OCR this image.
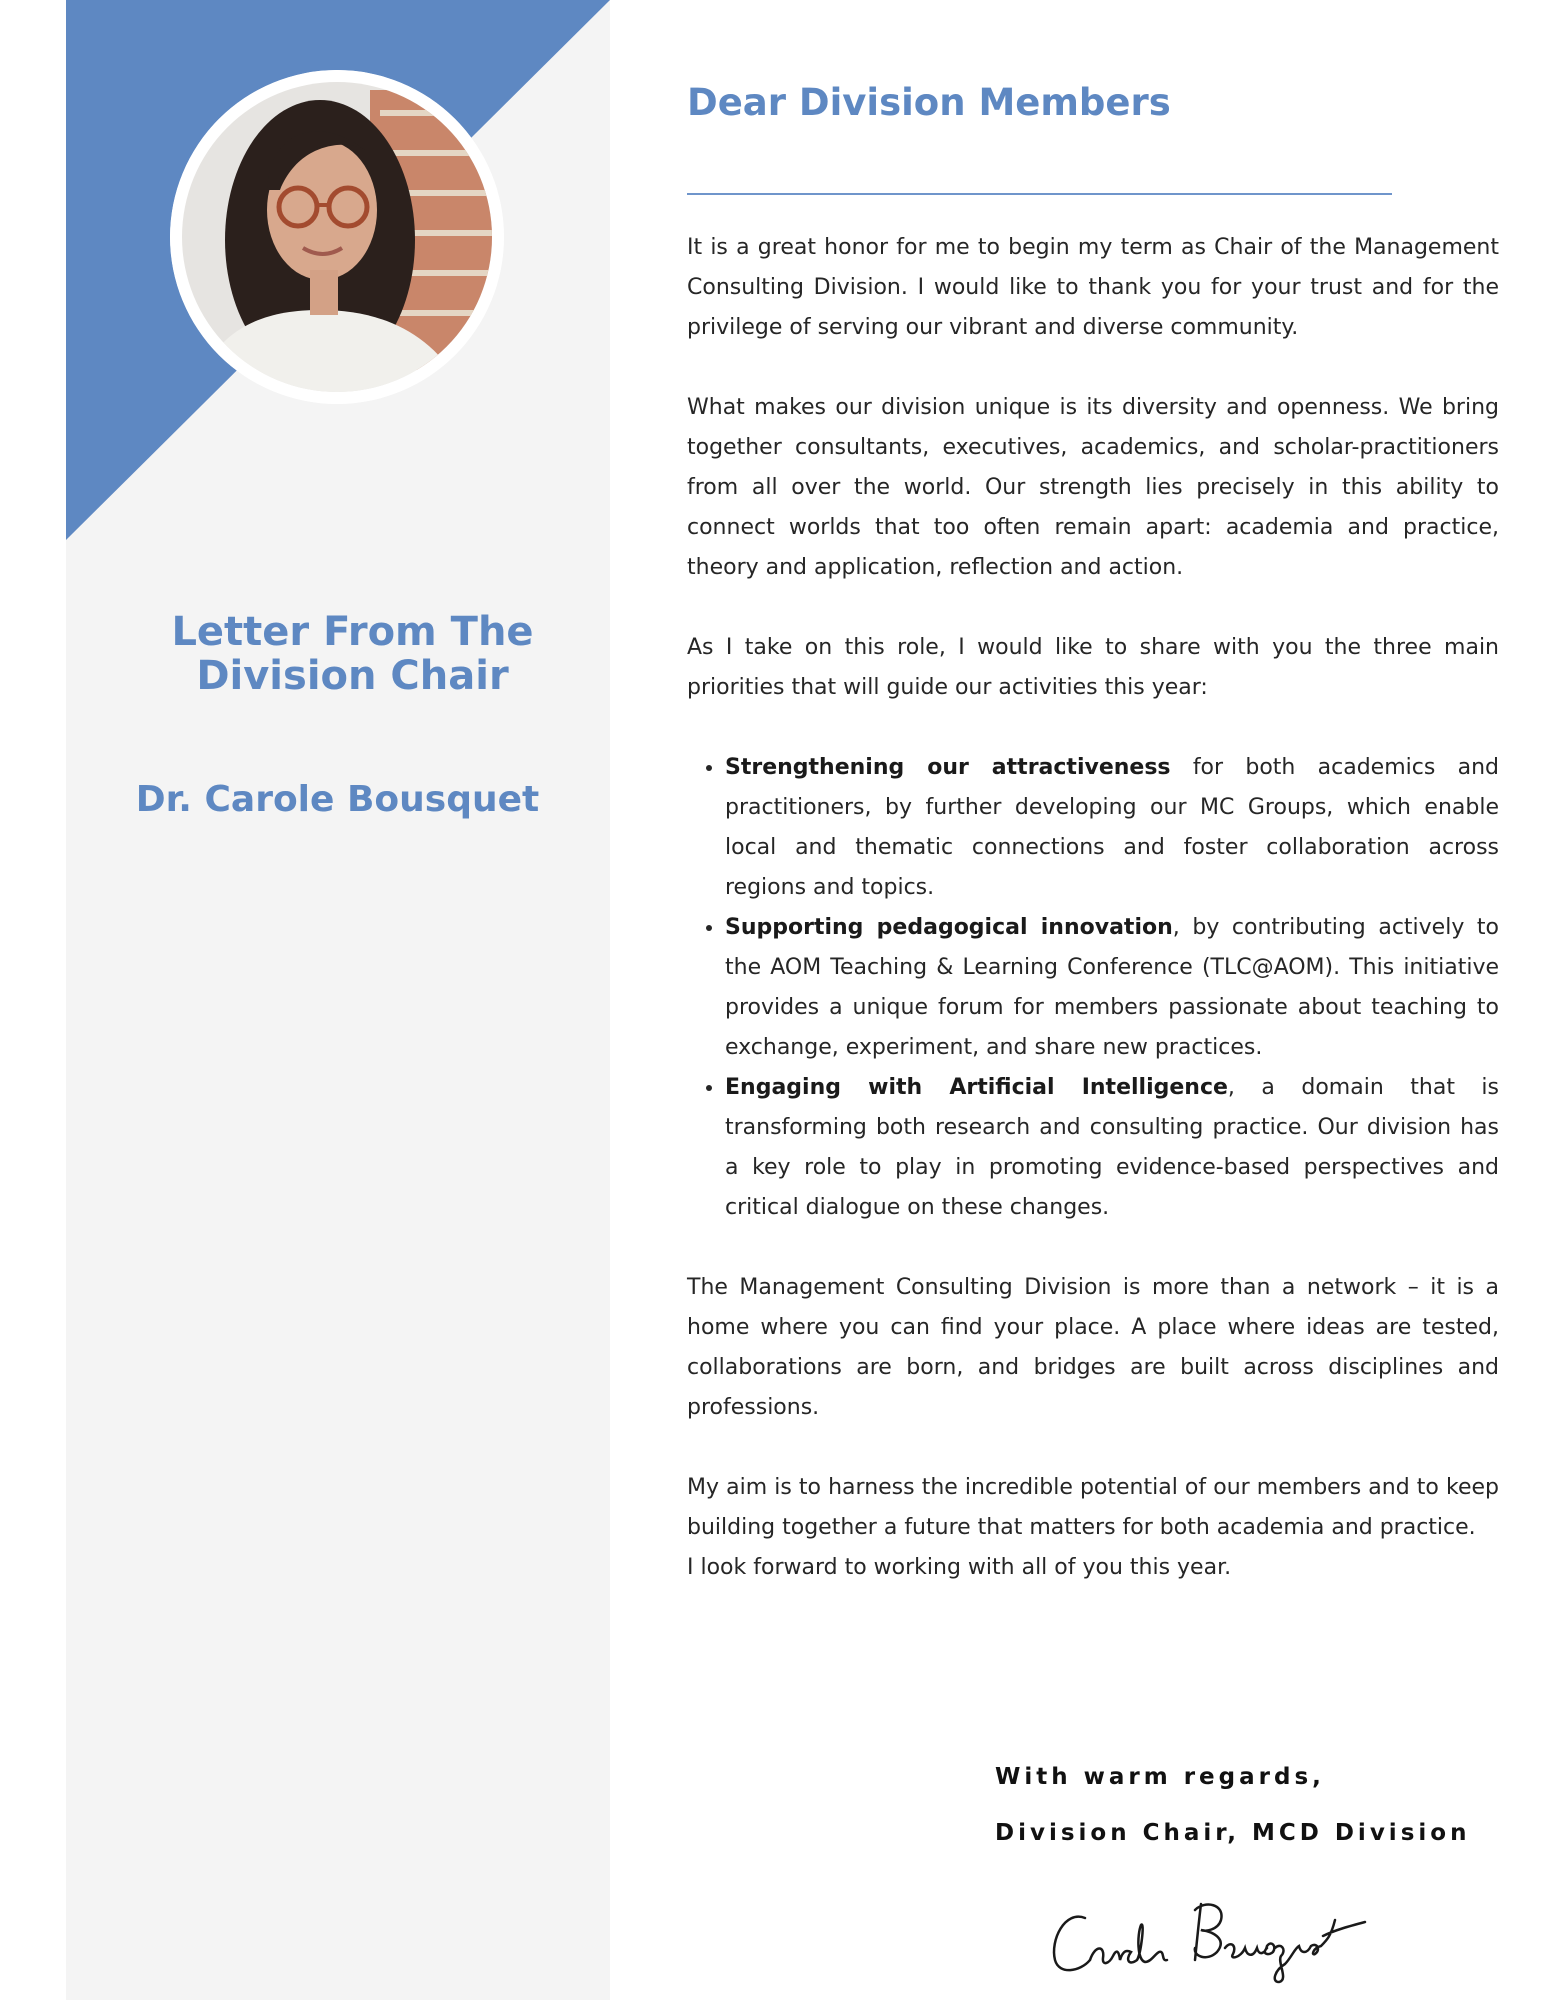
Letter From The
Division Chair
Dr. Carole Bousquet
Dear Division Members

It is a great honor for me to begin my term as Chair of the Management Consulting Division. I would like to thank you for your trust and for the privilege of serving our vibrant and diverse community.

What makes our division unique is its diversity and openness. We bring together consultants, executives, academics, and scholar-practitioners from all over the world. Our strength lies precisely in this ability to connect worlds that too often remain apart: academia and practice, theory and application, reflection and action.

As I take on this role, I would like to share with you the three main priorities that will guide our activities this year:

• Strengthening our attractiveness for both academics and practitioners, by further developing our MC Groups, which enable local and thematic connections and foster collaboration across regions and topics.
• Supporting pedagogical innovation, by contributing actively to the AOM Teaching & Learning Conference (TLC@AOM). This initiative provides a unique forum for members passionate about teaching to exchange, experiment, and share new practices.
• Engaging with Artificial Intelligence, a domain that is transforming both research and consulting practice. Our division has a key role to play in promoting evidence-based perspectives and critical dialogue on these changes.

The Management Consulting Division is more than a network – it is a home where you can find your place. A place where ideas are tested, collaborations are born, and bridges are built across disciplines and professions.

My aim is to harness the incredible potential of our members and to keep building together a future that matters for both academia and practice.

I look forward to working with all of you this year.

With warm regards,
Division Chair, MCD Division
